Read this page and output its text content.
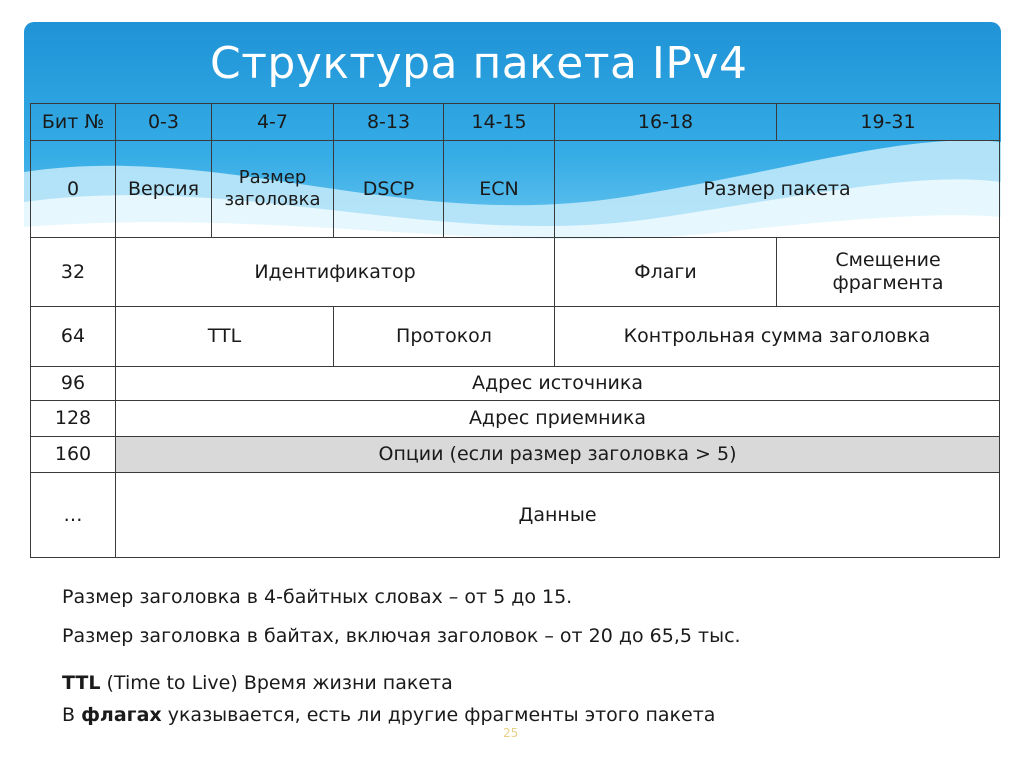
Структура пакета IPv4
Бит №	0-3	4-7	8-13	14-15	16-18	19-31
0	Версия	Размер заголовка	DSCP	ECN	Размер пакета	
32	Идентификатор				Флаги	Смещение фрагмента
64	TTL		Протокол		Контрольная сумма заголовка	
96	Адрес источника					
128	Адрес приемника					
160	Опции (если размер заголовка > 5)					
…	Данные					

Размер заголовка в 4-байтных словах – от 5 до 15.

Размер заголовка в байтах, включая заголовок – от 20 до 65,5 тыс.

TTL (Time to Live) Время жизни пакета

В флагах указывается, есть ли другие фрагменты этого пакета

25
